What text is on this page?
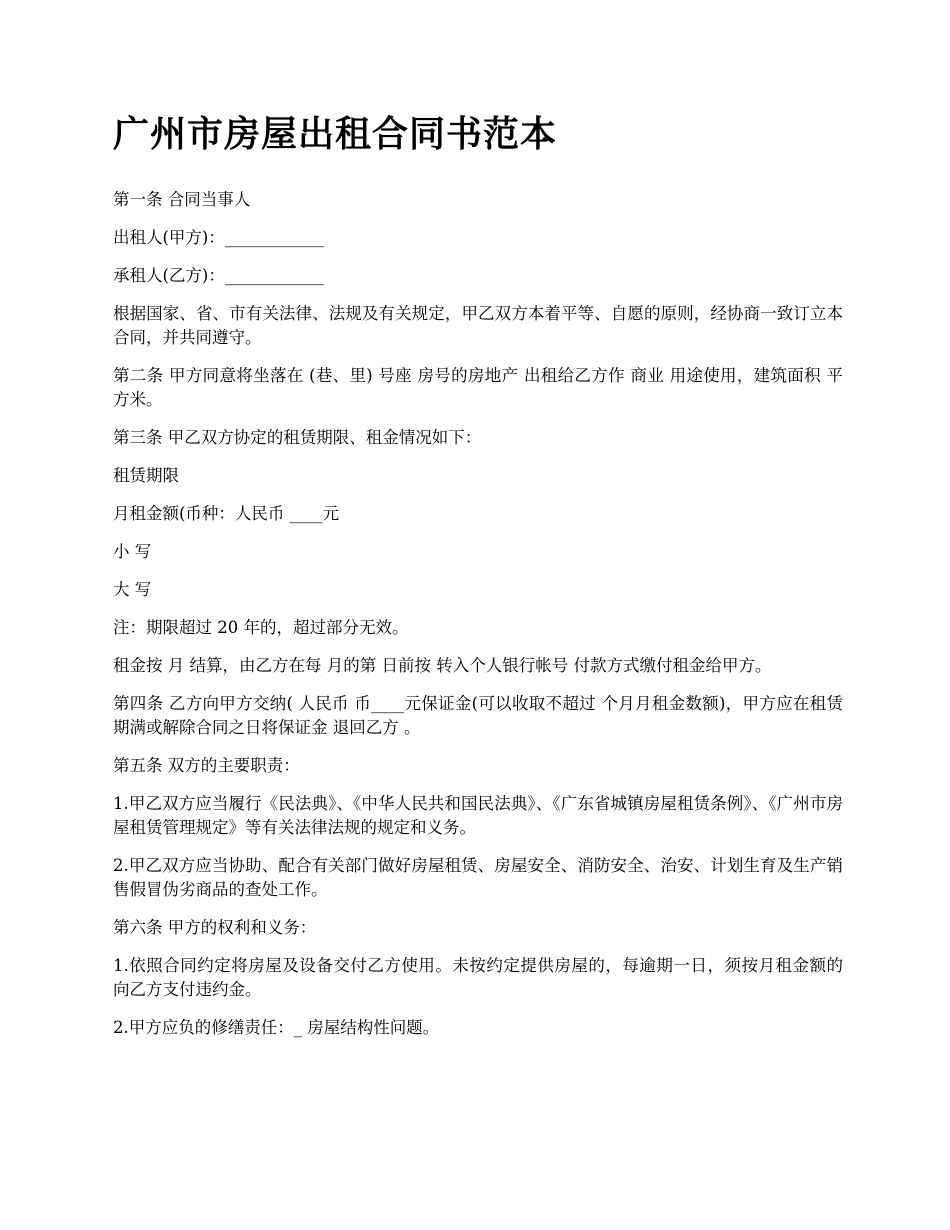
广州市房屋出租合同书范本

第一条 合同当事人

出租人(甲方)：____________

承租人(乙方)：____________

根据国家、省、市有关法律、法规及有关规定，甲乙双方本着平等、自愿的原则，经协商一致订立本合同，并共同遵守。

第二条 甲方同意将坐落在 (巷、里) 号座 房号的房地产 出租给乙方作 商业 用途使用，建筑面积 平方米。

第三条 甲乙双方协定的租赁期限、租金情况如下：

租赁期限

月租金额(币种：人民币 ____元

小 写

大 写

注：期限超过 20 年的，超过部分无效。

租金按 月 结算，由乙方在每 月的第 日前按 转入个人银行帐号 付款方式缴付租金给甲方。

第四条 乙方向甲方交纳( 人民币 币____元保证金(可以收取不超过 个月月租金数额)，甲方应在租赁期满或解除合同之日将保证金 退回乙方 。

第五条 双方的主要职责：

1.甲乙双方应当履行《民法典》、《中华人民共和国民法典》、《广东省城镇房屋租赁条例》、《广州市房屋租赁管理规定》等有关法律法规的规定和义务。

2.甲乙双方应当协助、配合有关部门做好房屋租赁、房屋安全、消防安全、治安、计划生育及生产销售假冒伪劣商品的查处工作。

第六条 甲方的权利和义务：

1.依照合同约定将房屋及设备交付乙方使用。未按约定提供房屋的，每逾期一日，须按月租金额的 向乙方支付违约金。

2.甲方应负的修缮责任：_ 房屋结构性问题。
